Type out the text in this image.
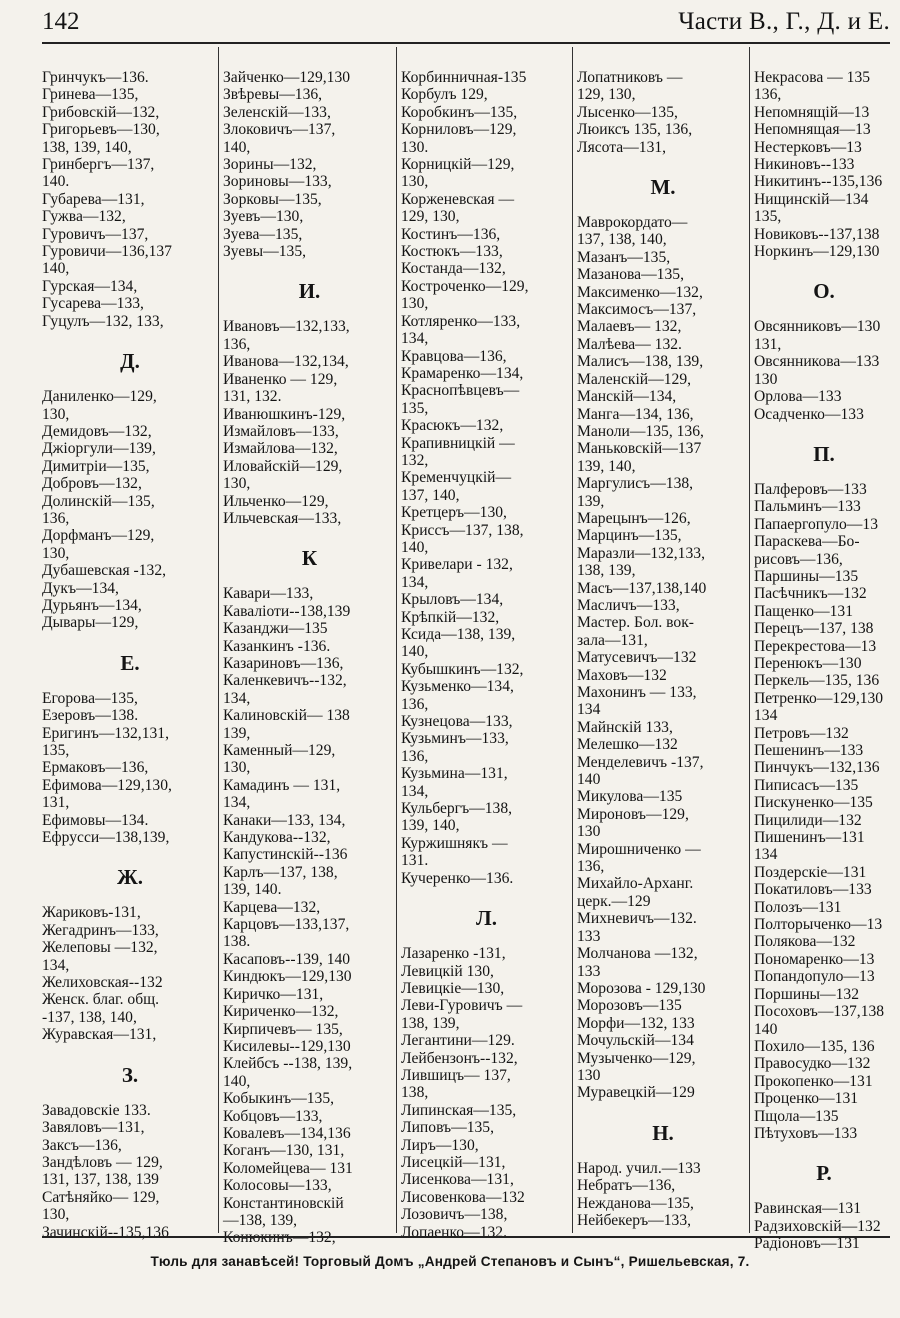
142	Части В., Г., Д. и Е.
Гринчукъ—136.
Гринева—135,
Грибовскій—132,
Григорьевъ—130,
138, 139, 140,
Гринбергъ—137,
140.
Губарева—131,
Гужва—132,
Гуровичъ—137,
Гуровичи—136,137
140,
Гурская—134,
Гусарева—133,
Гуцулъ—132, 133,
Д.
Даниленко—129,
130,
Демидовъ—132,
Джіоргули—139,
Димитріи—135,
Добровъ—132,
Долинскій—135,
136,
Дорфманъ—129,
130,
Дубашевская -132,
Дукъ—134,
Дурьянъ—134,
Дывары—129,
Е.
Егорова—135,
Езеровъ—138.
Еригинъ—132,131,
135,
Ермаковъ—136,
Ефимова—129,130,
131,
Ефимовы—134.
Ефрусси—138,139,
Ж.
Жариковъ-131,
Жегадринъ—133,
Желеповы —132,
134,
Желиховская--132
Женск. благ. общ.
-137, 138, 140,
Журавская—131,
З.
Завадовскіе 133.
Завяловъ—131,
Заксъ—136,
Зандѣловъ — 129,
131, 137, 138, 139
Сатѣняйко— 129,
130,
Зачинскій--135,136
Зайченко—129,130
Звѣревы—136,
Зеленскій—133,
Злоковичъ—137,
140,
Зорины—132,
Зориновы—133,
Зорковы—135,
Зуевъ—130,
Зуева—135,
Зуевы—135,
И.
Ивановъ—132,133,
136,
Иванова—132,134,
Иваненко — 129,
131, 132.
Иванюшкинъ-129,
Измайловъ—133,
Измайлова—132,
Иловайскій—129,
130,
Ильченко—129,
Ильчевская—133,
К
Кавари—133,
Каваліоти--138,139
Казанджи—135
Казанкинъ -136.
Казариновъ—136,
Каленкевичъ--132,
134,
Калиновскій— 138
139,
Каменный—129,
130,
Камадинъ — 131,
134,
Канаки—133, 134,
Кандукова--132,
Капустинскій--136
Карлъ—137, 138,
139, 140.
Карцева—132,
Карцовъ—133,137,
138.
Касаповъ--139, 140
Киндюкъ—129,130
Киричко—131,
Кириченко—132,
Кирпичевъ— 135,
Кисилевы--129,130
Клейбсъ --138, 139,
140,
Кобыкинъ—135,
Кобцовъ—133,
Ковалевъ—134,136
Коганъ—130, 131,
Коломейцева— 131
Колосовы—133,
Константиновскій
—138, 139,
Конюкинъ—132,
Корбинничная-135
Корбулъ 129,
Коробкинъ—135,
Корниловъ—129,
130.
Корницкій—129,
130,
Корженевская —
129, 130,
Костинъ—136,
Костюкъ—133,
Костанда—132,
Костроченко—129,
130,
Котляренко—133,
134,
Кравцова—136,
Крамаренко—134,
Краснопѣвцевъ—
135,
Красюкъ—132,
Крапивницкій —
132,
Кременчуцкій—
137, 140,
Кретцеръ—130,
Криссъ—137, 138,
140,
Кривелари - 132,
134,
Крыловъ—134,
Крѣпкій—132,
Ксида—138, 139,
140,
Кубышкинъ—132,
Кузьменко—134,
136,
Кузнецова—133,
Кузьминъ—133,
136,
Кузьмина—131,
134,
Кульбергъ—138,
139, 140,
Куржишнякъ —
131.
Кучеренко—136.
Л.
Лазаренко -131,
Левицкій 130,
Левицкіе—130,
Леви-Гуровичъ —
138, 139,
Легантини—129.
Лейбензонъ--132,
Лившицъ— 137,
138,
Липинская—135,
Липовъ—135,
Лиръ—130,
Лисецкій—131,
Лисенкова—131,
Лисовенкова—132
Лозовичъ—138,
Лопаенко—132.
Лопатниковъ —
129, 130,
Лысенко—135,
Люиксъ 135, 136,
Лясота—131,
М.
Маврокордато—
137, 138, 140,
Мазанъ—135,
Мазанова—135,
Максименко—132,
Максимосъ—137,
Малаевъ— 132,
Малѣева— 132.
Малисъ—138, 139,
Маленскій—129,
Манскій—134,
Манга—134, 136,
Маноли—135, 136,
Маньковскій—137
139, 140,
Маргулисъ—138,
139,
Марецынъ—126,
Марцинъ—135,
Маразли—132,133,
138, 139,
Масъ—137,138,140
Масличъ—133,
Мастер. Бол. вок-
зала—131,
Матусевичъ—132
Маховъ—132
Махонинъ — 133,
134
Майнскій 133,
Мелешко—132
Менделевичъ -137,
140
Микулова—135
Мироновъ—129,
130
Мирошниченко —
136,
Михайло-Арханг.
церк.—129
Михневичъ—132.
133
Молчанова —132,
133
Морозова - 129,130
Морозовъ—135
Морфи—132, 133
Мочульскій—134
Музыченко—129,
130
Муравецкій—129
Н.
Народ. учил.—133
Небратъ—136,
Нежданова—135,
Нейбекеръ—133,
Некрасова — 135
136,
Непомнящій—13
Непомнящая—13
Нестерковъ—13
Никиновъ--133
Никитинъ--135,136
Нищинскій—134
135,
Новиковъ--137,138
Норкинъ—129,130
О.
Овсянниковъ—130
131,
Овсянникова—133
130
Орлова—133
Осадченко—133
П.
Палферовъ—133
Пальминъ—133
Папаергопуло—13
Параскева—Бо-
рисовъ—136,
Паршины—135
Пасѣчникъ—132
Пащенко—131
Перецъ—137, 138
Перекрестова—13
Перенюкъ—130
Перкель—135, 136
Петренко—129,130
134
Петровъ—132
Пешенинъ—133
Пинчукъ—132,136
Пиписасъ—135
Пискуненко—135
Пицилиди—132
Пишенинъ—131
134
Поздерскіе—131
Покатиловъ—133
Полозъ—131
Полторыченко—13
Полякова—132
Пономаренко—13
Попандопуло—13
Поршины—132
Посоховъ—137,138
140
Похило—135, 136
Правосудко—132
Прокопенко—131
Проценко—131
Пщола—135
Пѣтуховъ—133
Р.
Равинская—131
Радзиховскій—132
Радіоновъ—131
Тюль для занавѣсей! Торговый Домъ „Андрей Степановъ и Сынъ“, Ришельевская, 7.
